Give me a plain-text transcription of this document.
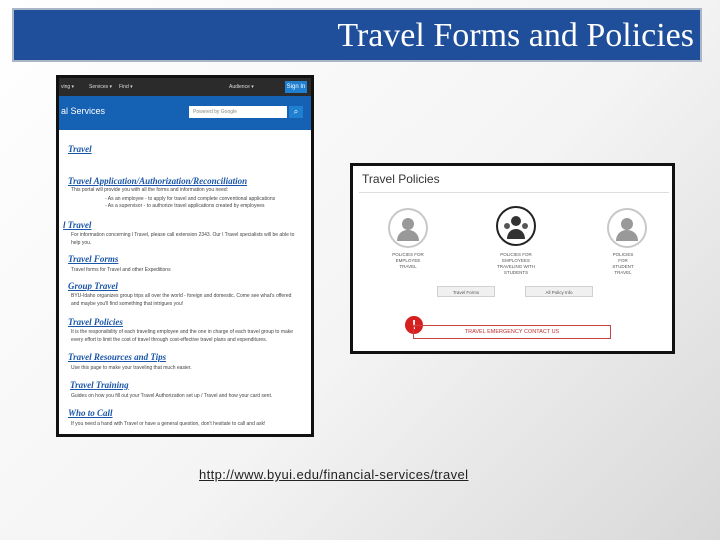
Travel Forms and Policies
ving ▾	Services ▾ Find ▾	Audience ▾	Sign In
al Services	Powered by Google	⌕
Travel
Travel Application/Authorization/Reconciliation
This portal will provide you with all the forms and information you need:
- As an employee - to apply for travel and complete conventional applications
- As a supervisor - to authorize travel applications created by employees
l Travel
For information concerning l Travel, please call extension 2343. Our l Travel specialists will be able to
help you.
Travel Forms
Travel forms for Travel and other Expeditions
Group Travel
BYU-Idaho organizes group trips all over the world - foreign and domestic. Come see what's offered
and maybe you'll find something that intrigues you!
Travel Policies
It is the responsibility of each traveling employee and the one in charge of each travel group to make
every effort to limit the cost of travel through cost-effective travel plans and expenditures.
Travel Resources and Tips
Use this page to make your traveling that much easier.
Travel Training
Guides on how you fill out your Travel Authorization set up / Travel and how your card sent.
Who to Call
If you need a hand with Travel or have a general question, don't hesitate to call and ask!
Travel Policies
POLICIES FOR
EMPLOYEE
TRAVEL
POLICIES FOR EMPLOYEES
TRAVELING WITH
STUDENTS
POLICIES
FOR
STUDENT
TRAVEL
Travel Forms	All Policy Info
!	TRAVEL EMERGENCY CONTACT US
http://www.byui.edu/financial-services/travel
